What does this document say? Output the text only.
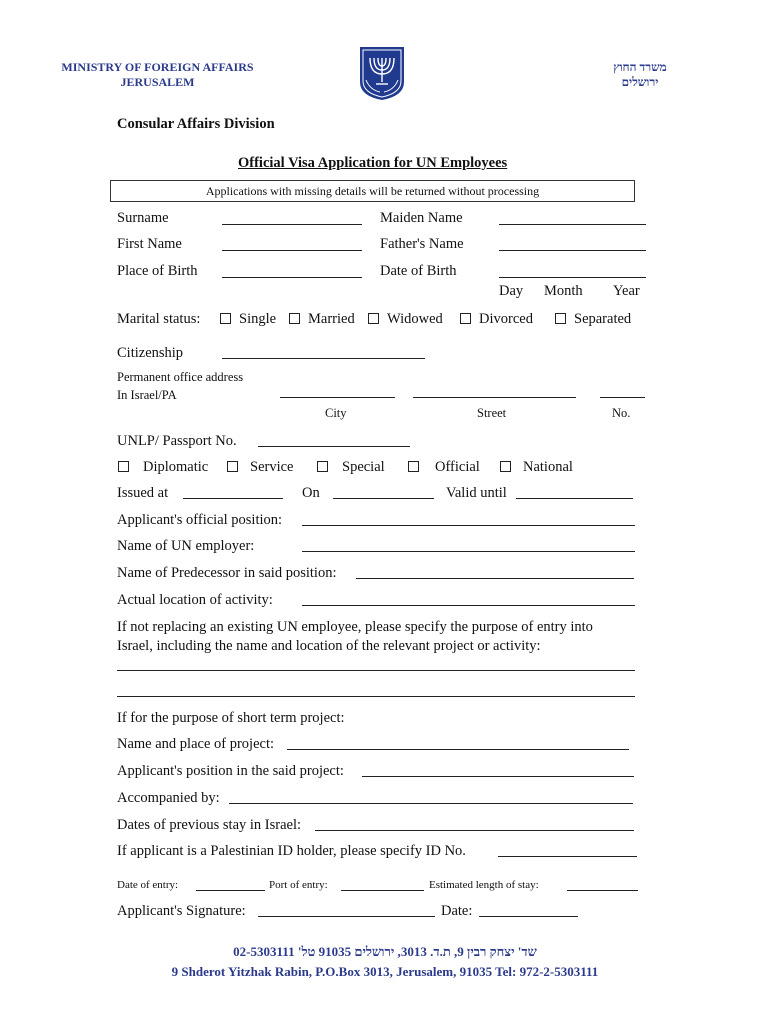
MINISTRY OF FOREIGN AFFAIRS
JERUSALEM
משרד החוץ
ירושלים
Consular Affairs Division
Official Visa Application for UN Employees
Applications with missing details will be returned without processing
Surname	Maiden Name
First Name	Father's Name
Place of Birth	Date of Birth
Day Month Year
Marital status:	Single	Married	Widowed	Divorced	Separated
Citizenship
Permanent office address
In Israel/PA
City	Street	No.
UNLP/ Passport No.
Diplomatic	Service	Special	Official	National
Issued at	On	Valid until
Applicant's official position:
Name of UN employer:
Name of Predecessor in said position:
Actual location of activity:
If not replacing an existing UN employee, please specify the purpose of entry into
Israel, including the name and location of the relevant project or activity:
If for the purpose of short term project:
Name and place of project:
Applicant's position in the said project:
Accompanied by:
Dates of previous stay in Israel:
If applicant is a Palestinian ID holder, please specify ID No.
Date of entry:	Port of entry:	Estimated length of stay:
Applicant's Signature:	Date:
שד' יצחק רבין 9, ת.ד. 3013, ירושלים 91035 טל' 02-5303111
9 Shderot Yitzhak Rabin, P.O.Box 3013, Jerusalem, 91035 Tel: 972-2-5303111
